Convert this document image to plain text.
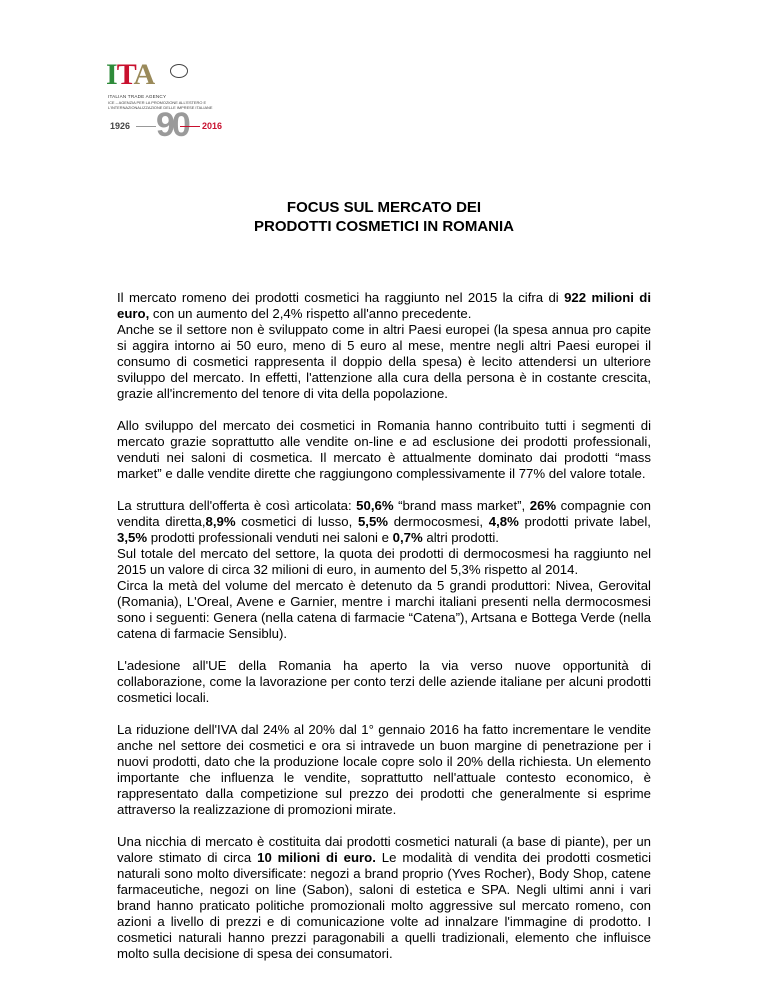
ITA
ITALIAN TRADE AGENCY
ICE – AGENZIA PER LA PROMOZIONE ALL'ESTERO E
L'INTERNAZIONALIZZAZIONE DELLE IMPRESE ITALIANE
90
1926	2016
FOCUS SUL MERCATO DEI
PRODOTTI COSMETICI IN ROMANIA

Il mercato romeno dei prodotti cosmetici ha raggiunto nel 2015 la cifra di 922 milioni di euro, con un aumento del 2,4% rispetto all'anno precedente.

Anche se il settore non è sviluppato come in altri Paesi europei (la spesa annua pro capite si aggira intorno ai 50 euro, meno di 5 euro al mese, mentre negli altri Paesi europei il consumo di cosmetici rappresenta il doppio della spesa) è lecito attendersi un ulteriore sviluppo del mercato. In effetti, l'attenzione alla cura della persona è in costante crescita, grazie all'incremento del tenore di vita della popolazione.

Allo sviluppo del mercato dei cosmetici in Romania hanno contribuito tutti i segmenti di mercato grazie soprattutto alle vendite on-line e ad esclusione dei prodotti professionali, venduti nei saloni di cosmetica. Il mercato è attualmente dominato dai prodotti “mass market” e dalle vendite dirette che raggiungono complessivamente il 77% del valore totale.

La struttura dell'offerta è così articolata: 50,6% “brand mass market”, 26% compagnie con vendita diretta,8,9% cosmetici di lusso, 5,5% dermocosmesi, 4,8% prodotti private label, 3,5% prodotti professionali venduti nei saloni e 0,7% altri prodotti.

Sul totale del mercato del settore, la quota dei prodotti di dermocosmesi ha raggiunto nel 2015 un valore di circa 32 milioni di euro, in aumento del 5,3% rispetto al 2014.

Circa la metà del volume del mercato è detenuto da 5 grandi produttori: Nivea, Gerovital (Romania), L'Oreal, Avene e Garnier, mentre i marchi italiani presenti nella dermocosmesi sono i seguenti: Genera (nella catena di farmacie “Catena”), Artsana e Bottega Verde (nella catena di farmacie Sensiblu).

L'adesione all'UE della Romania ha aperto la via verso nuove opportunità di collaborazione, come la lavorazione per conto terzi delle aziende italiane per alcuni prodotti cosmetici locali.

La riduzione dell'IVA dal 24% al 20% dal 1° gennaio 2016 ha fatto incrementare le vendite anche nel settore dei cosmetici e ora si intravede un buon margine di penetrazione per i nuovi prodotti, dato che la produzione locale copre solo il 20% della richiesta. Un elemento importante che influenza le vendite, soprattutto nell'attuale contesto economico, è rappresentato dalla competizione sul prezzo dei prodotti che generalmente si esprime attraverso la realizzazione di promozioni mirate.

Una nicchia di mercato è costituita dai prodotti cosmetici naturali (a base di piante), per un valore stimato di circa 10 milioni di euro. Le modalità di vendita dei prodotti cosmetici naturali sono molto diversificate: negozi a brand proprio (Yves Rocher), Body Shop, catene farmaceutiche, negozi on line (Sabon), saloni di estetica e SPA. Negli ultimi anni i vari brand hanno praticato politiche promozionali molto aggressive sul mercato romeno, con azioni a livello di prezzi e di comunicazione volte ad innalzare l'immagine di prodotto. I cosmetici naturali hanno prezzi paragonabili a quelli tradizionali, elemento che influisce molto sulla decisione di spesa dei consumatori.
